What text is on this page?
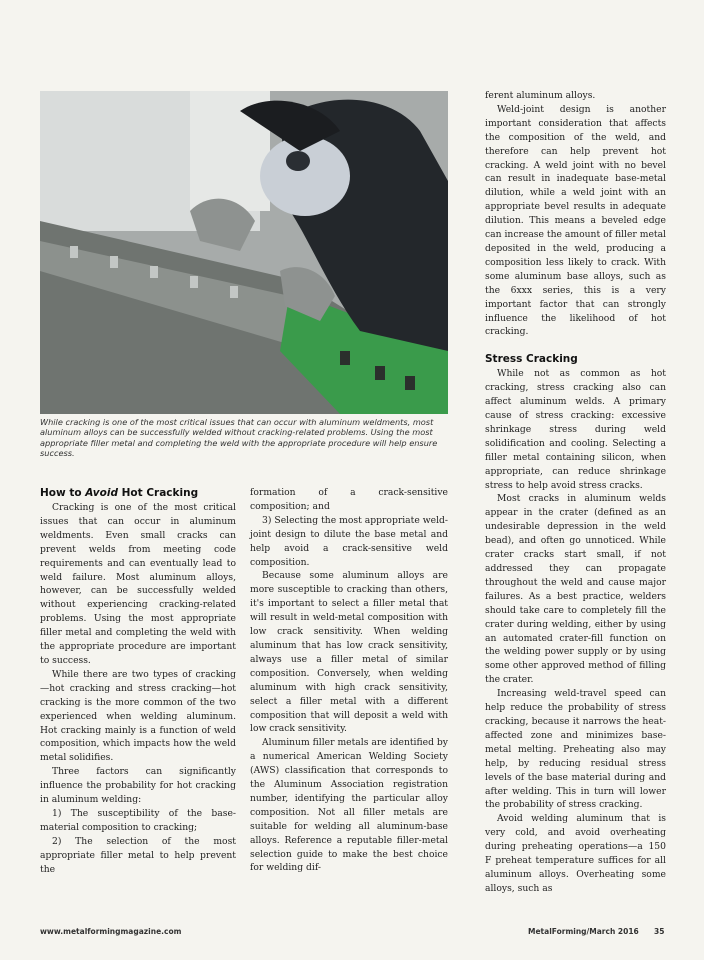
While cracking is one of the most critical issues that can occur with aluminum weldments, most aluminum alloys can be successfully welded without cracking-related problems. Using the most appropriate filler metal and completing the weld with the appropriate procedure will help ensure success.
How to Avoid Hot Cracking

Cracking is one of the most critical issues that can occur in aluminum weldments. Even small cracks can prevent welds from meeting code requirements and can eventually lead to weld failure. Most aluminum alloys, however, can be successfully welded without experiencing cracking-related problems. Using the most appropriate filler metal and completing the weld with the appropriate procedure are important to success.

While there are two types of cracking—hot cracking and stress cracking—hot cracking is the more common of the two experienced when welding aluminum. Hot cracking mainly is a function of weld composition, which impacts how the weld metal solidifies.

Three factors can significantly influence the probability for hot cracking in aluminum welding:

1) The susceptibility of the base-material composition to cracking;

2) The selection of the most appropriate filler metal to help prevent the

formation of a crack-sensitive composition; and

3) Selecting the most appropriate weld-joint design to dilute the base metal and help avoid a crack-sensitive weld composition.

Because some aluminum alloys are more susceptible to cracking than others, it's important to select a filler metal that will result in weld-metal composition with low crack sensitivity. When welding aluminum that has low crack sensitivity, always use a filler metal of similar composition. Conversely, when welding aluminum with high crack sensitivity, select a filler metal with a different composition that will deposit a weld with low crack sensitivity.

Aluminum filler metals are identified by a numerical American Welding Society (AWS) classification that corresponds to the Aluminum Association registration number, identifying the particular alloy composition. Not all filler metals are suitable for welding all aluminum-base alloys. Reference a reputable filler-metal selection guide to make the best choice for welding dif-

ferent aluminum alloys.

Weld-joint design is another important consideration that affects the composition of the weld, and therefore can help prevent hot cracking. A weld joint with no bevel can result in inadequate base-metal dilution, while a weld joint with an appropriate bevel results in adequate dilution. This means a beveled edge can increase the amount of filler metal deposited in the weld, producing a composition less likely to crack. With some aluminum base alloys, such as the 6xxx series, this is a very important factor that can strongly influence the likelihood of hot cracking.

Stress Cracking

While not as common as hot cracking, stress cracking also can affect aluminum welds. A primary cause of stress cracking: excessive shrinkage stress during weld solidification and cooling. Selecting a filler metal containing silicon, when appropriate, can reduce shrinkage stress to help avoid stress cracks.

Most cracks in aluminum welds appear in the crater (defined as an undesirable depression in the weld bead), and often go unnoticed. While crater cracks start small, if not addressed they can propagate throughout the weld and cause major failures. As a best practice, welders should take care to completely fill the crater during welding, either by using an automated crater-fill function on the welding power supply or by using some other approved method of filling the crater.

Increasing weld-travel speed can help reduce the probability of stress cracking, because it narrows the heat-affected zone and minimizes base-metal melting. Preheating also may help, by reducing residual stress levels of the base material during and after welding. This in turn will lower the probability of stress cracking.

Avoid welding aluminum that is very cold, and avoid overheating during preheating operations—a 150 F preheat temperature suffices for all aluminum alloys. Overheating some alloys, such as

www.metalformingmagazine.com	MetalForming/March 2016 35
